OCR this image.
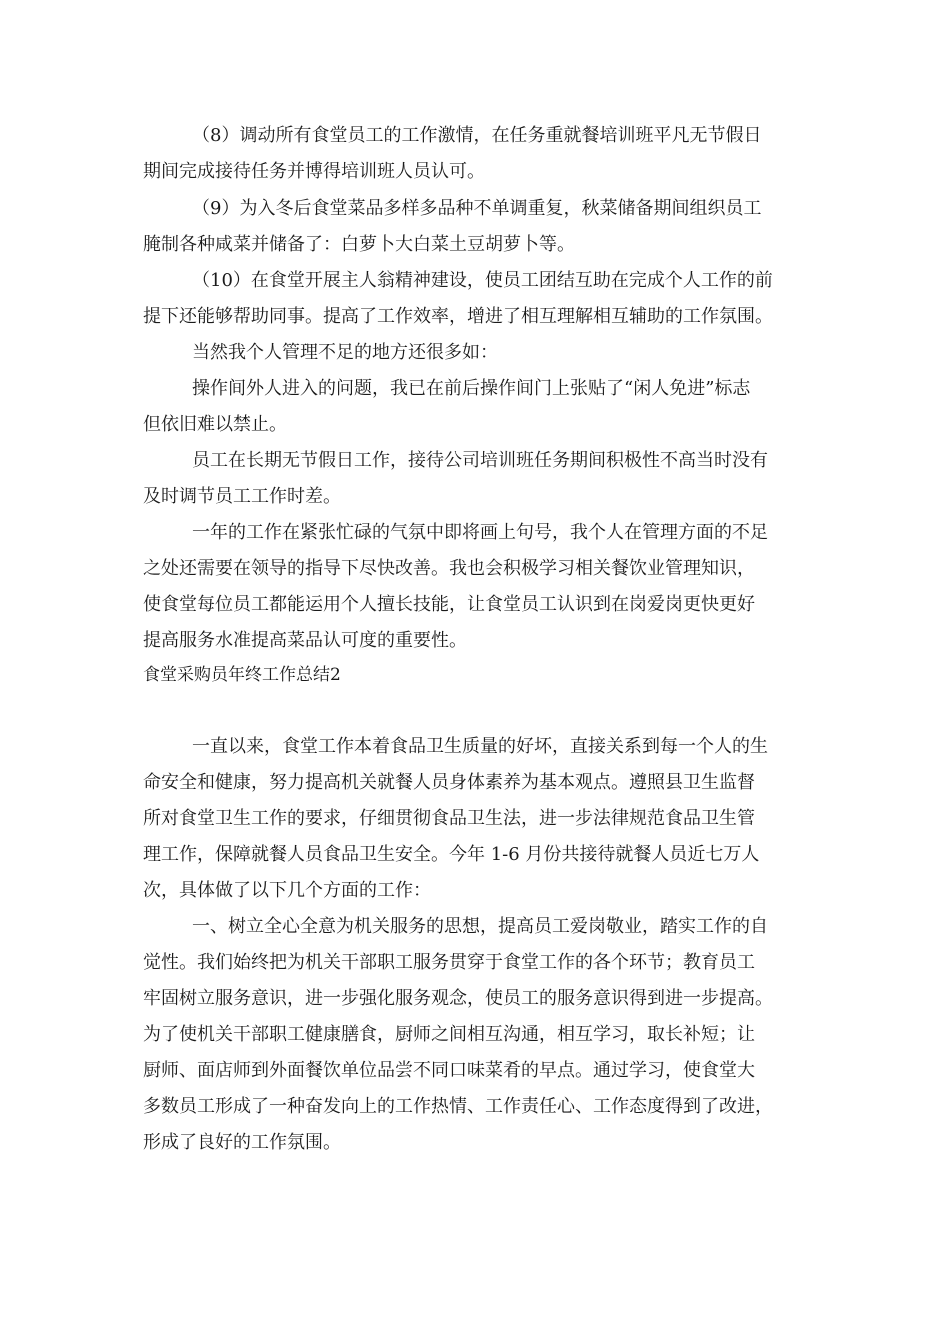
（8）调动所有食堂员工的工作激情，在任务重就餐培训班平凡无节假日

期间完成接待任务并博得培训班人员认可。

（9）为入冬后食堂菜品多样多品种不单调重复，秋菜储备期间组织员工

腌制各种咸菜并储备了：白萝卜大白菜土豆胡萝卜等。

（10）在食堂开展主人翁精神建设，使员工团结互助在完成个人工作的前

提下还能够帮助同事。提高了工作效率，增进了相互理解相互辅助的工作氛围。

当然我个人管理不足的地方还很多如：

操作间外人进入的问题，我已在前后操作间门上张贴了“闲人免进”标志

但依旧难以禁止。

员工在长期无节假日工作，接待公司培训班任务期间积极性不高当时没有

及时调节员工工作时差。

一年的工作在紧张忙碌的气氛中即将画上句号，我个人在管理方面的不足

之处还需要在领导的指导下尽快改善。我也会积极学习相关餐饮业管理知识，

使食堂每位员工都能运用个人擅长技能，让食堂员工认识到在岗爱岗更快更好

提高服务水准提高菜品认可度的重要性。

食堂采购员年终工作总结2

一直以来，食堂工作本着食品卫生质量的好坏，直接关系到每一个人的生

命安全和健康，努力提高机关就餐人员身体素养为基本观点。遵照县卫生监督

所对食堂卫生工作的要求，仔细贯彻食品卫生法，进一步法律规范食品卫生管

理工作，保障就餐人员食品卫生安全。今年 1-6 月份共接待就餐人员近七万人

次，具体做了以下几个方面的工作：

一、树立全心全意为机关服务的思想，提高员工爱岗敬业，踏实工作的自

觉性。我们始终把为机关干部职工服务贯穿于食堂工作的各个环节；教育员工

牢固树立服务意识，进一步强化服务观念，使员工的服务意识得到进一步提高。

为了使机关干部职工健康膳食，厨师之间相互沟通，相互学习，取长补短；让

厨师、面店师到外面餐饮单位品尝不同口味菜肴的早点。通过学习，使食堂大

多数员工形成了一种奋发向上的工作热情、工作责任心、工作态度得到了改进，

形成了良好的工作氛围。
